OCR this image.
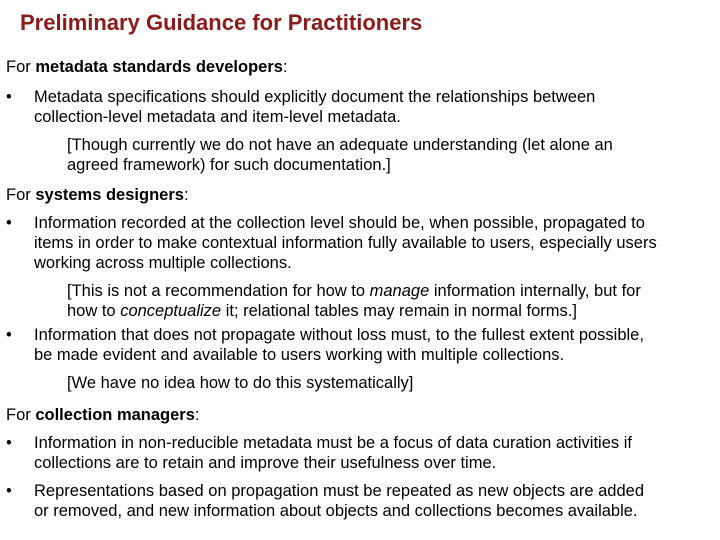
Preliminary Guidance for Practitioners
For metadata standards developers:
• Metadata specifications should explicitly document the relationships between
collection-level metadata and item-level metadata.
[Though currently we do not have an adequate understanding (let alone an
agreed framework) for such documentation.]
For systems designers:
• Information recorded at the collection level should be, when possible, propagated to
items in order to make contextual information fully available to users, especially users
working across multiple collections.
[This is not a recommendation for how to manage information internally, but for
how to conceptualize it; relational tables may remain in normal forms.]
• Information that does not propagate without loss must, to the fullest extent possible,
be made evident and available to users working with multiple collections.
[We have no idea how to do this systematically]
For collection managers:
• Information in non-reducible metadata must be a focus of data curation activities if
collections are to retain and improve their usefulness over time.
• Representations based on propagation must be repeated as new objects are added
or removed, and new information about objects and collections becomes available.
